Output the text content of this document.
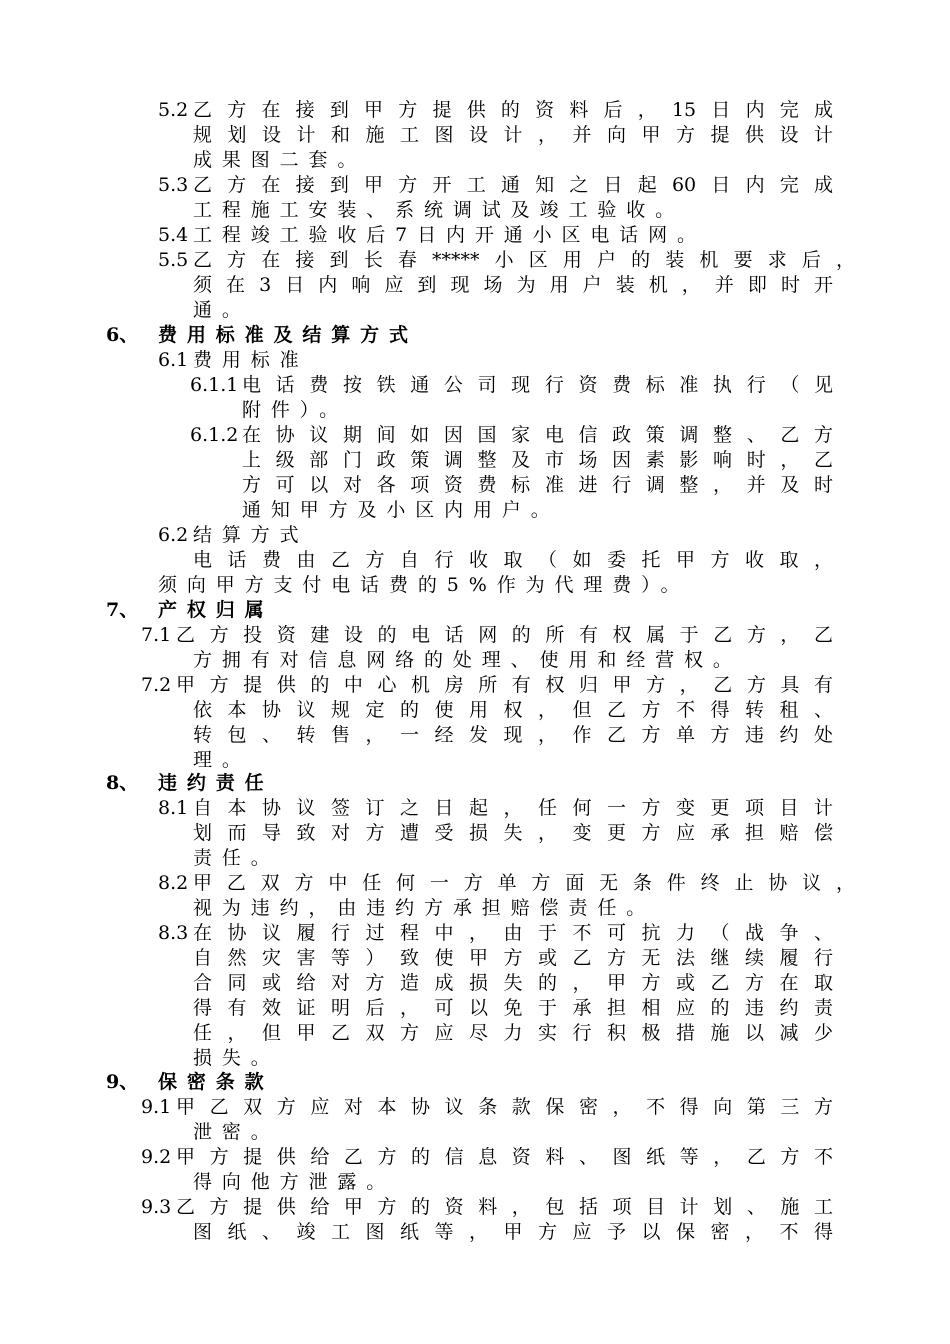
5.2 乙方在接到甲方提供的资料后，15日内完成
规划设计和施工图设计，并向甲方提供设计
成果图二套。
5.3 乙方在接到甲方开工通知之日起60日内完成
工程施工安装、系统调试及竣工验收。
5.4 工程竣工验收后7日内开通小区电话网。
5.5 乙方在接到长春*****小区用户的装机要求后，
须在3日内响应到现场为用户装机，并即时开
通。
6、 费用标准及结算方式
6.1 费用标准
6.1.1 电话费按铁通公司现行资费标准执行（见
附件）。
6.1.2 在协议期间如因国家电信政策调整、乙方
上级部门政策调整及市场因素影响时，乙
方可以对各项资费标准进行调整，并及时
通知甲方及小区内用户。
6.2 结算方式
电话费由乙方自行收取（如委托甲方收取，
须向甲方支付电话费的5%作为代理费）。
7、 产权归属
7.1 乙方投资建设的电话网的所有权属于乙方，乙
方拥有对信息网络的处理、使用和经营权。
7.2 甲方提供的中心机房所有权归甲方，乙方具有
依本协议规定的使用权，但乙方不得转租、
转包、转售，一经发现，作乙方单方违约处
理。
8、 违约责任
8.1 自本协议签订之日起，任何一方变更项目计
划而导致对方遭受损失，变更方应承担赔偿
责任。
8.2 甲乙双方中任何一方单方面无条件终止协议，
视为违约，由违约方承担赔偿责任。
8.3 在协议履行过程中，由于不可抗力（战争、
自然灾害等）致使甲方或乙方无法继续履行
合同或给对方造成损失的，甲方或乙方在取
得有效证明后，可以免于承担相应的违约责
任，但甲乙双方应尽力实行积极措施以减少
损失。
9、 保密条款
9.1 甲乙双方应对本协议条款保密，不得向第三方
泄密。
9.2 甲方提供给乙方的信息资料、图纸等，乙方不
得向他方泄露。
9.3 乙方提供给甲方的资料，包括项目计划、施工
图纸、竣工图纸等，甲方应予以保密，不得
